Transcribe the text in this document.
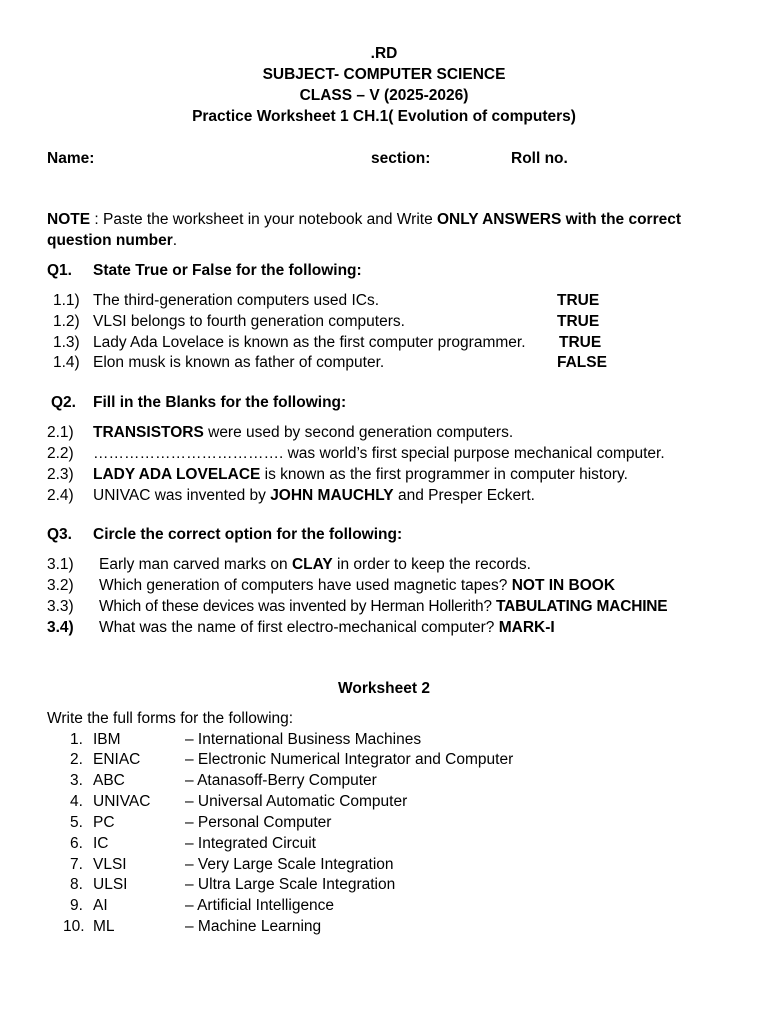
.RD
SUBJECT- COMPUTER SCIENCE
CLASS – V (2025-2026)
Practice Worksheet 1 CH.1( Evolution of computers)
Name:	section:	Roll no.
NOTE : Paste the worksheet in your notebook and Write ONLY ANSWERS with the correct
question number.
Q1. State True or False for the following:
1.1) The third-generation computers used ICs.	TRUE
1.2) VLSI belongs to fourth generation computers.	TRUE
1.3) Lady Ada Lovelace is known as the first computer programmer. TRUE
1.4) Elon musk is known as father of computer.	FALSE
Q2. Fill in the Blanks for the following:
2.1) TRANSISTORS were used by second generation computers.
2.2) ………………………………. was world’s first special purpose mechanical computer.
2.3) LADY ADA LOVELACE is known as the first programmer in computer history.
2.4) UNIVAC was invented by JOHN MAUCHLY and Presper Eckert.
Q3. Circle the correct option for the following:
3.1) Early man carved marks on CLAY in order to keep the records.
3.2) Which generation of computers have used magnetic tapes? NOT IN BOOK
3.3) Which of these devices was invented by Herman Hollerith? TABULATING MACHINE
3.4) What was the name of first electro-mechanical computer? MARK-I
Worksheet 2
Write the full forms for the following:
1. IBM	– International Business Machines
2. ENIAC	– Electronic Numerical Integrator and Computer
3. ABC	– Atanasoff-Berry Computer
4. UNIVAC – Universal Automatic Computer
5. PC	– Personal Computer
6. IC	– Integrated Circuit
7. VLSI	– Very Large Scale Integration
8. ULSI	– Ultra Large Scale Integration
9. AI	– Artificial Intelligence
10. ML	– Machine Learning
